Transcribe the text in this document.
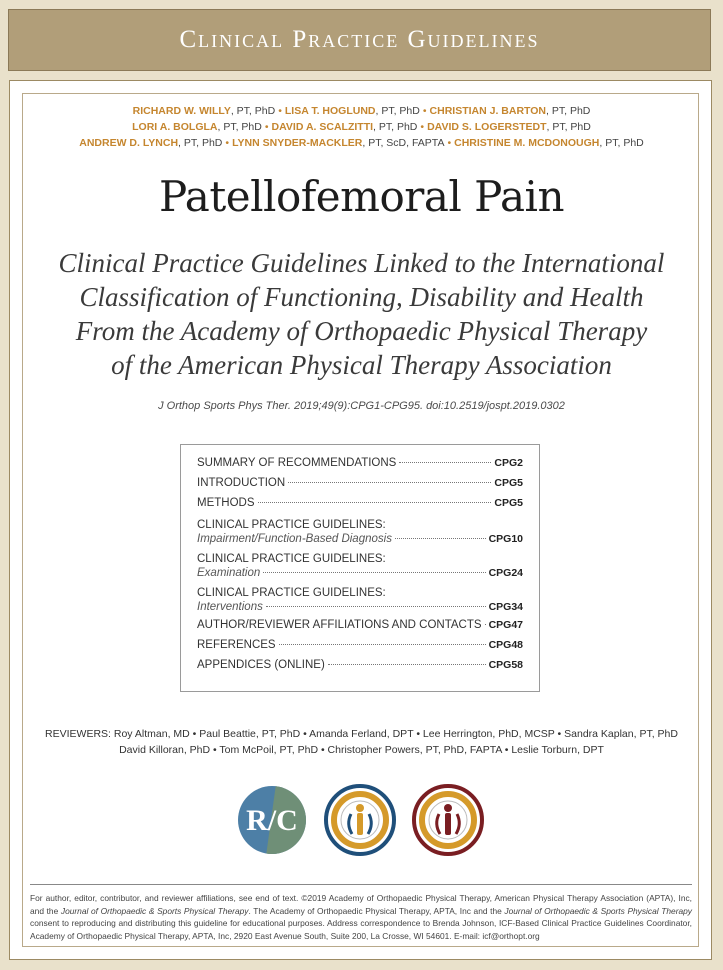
Clinical Practice Guidelines
RICHARD W. WILLY, PT, PhD • LISA T. HOGLUND, PT, PhD • CHRISTIAN J. BARTON, PT, PhD
LORI A. BOLGLA, PT, PhD • DAVID A. SCALZITTI, PT, PhD • DAVID S. LOGERSTEDT, PT, PhD
ANDREW D. LYNCH, PT, PhD • LYNN SNYDER-MACKLER, PT, ScD, FAPTA • CHRISTINE M. MCDONOUGH, PT, PhD
Patellofemoral Pain
Clinical Practice Guidelines Linked to the International
Classification of Functioning, Disability and Health
From the Academy of Orthopaedic Physical Therapy
of the American Physical Therapy Association
J Orthop Sports Phys Ther. 2019;49(9):CPG1-CPG95. doi:10.2519/jospt.2019.0302
SUMMARY OF RECOMMENDATIONS	CPG2
INTRODUCTION	CPG5
METHODS	CPG5
CLINICAL PRACTICE GUIDELINES:
Impairment/Function-Based Diagnosis	CPG10
CLINICAL PRACTICE GUIDELINES:
Examination	CPG24
CLINICAL PRACTICE GUIDELINES:
Interventions	CPG34
AUTHOR/REVIEWER AFFILIATIONS AND CONTACTS CPG47
REFERENCES	CPG48
APPENDICES (ONLINE)	CPG58
REVIEWERS: Roy Altman, MD • Paul Beattie, PT, PhD • Amanda Ferland, DPT • Lee Herrington, PhD, MCSP • Sandra Kaplan, PT, PhD
David Killoran, PhD • Tom McPoil, PT, PhD • Christopher Powers, PT, PhD, FAPTA • Leslie Torburn, DPT
R/C
For author, editor, contributor, and reviewer affiliations, see end of text. ©2019 Academy of Orthopaedic Physical Therapy, American Physical Therapy Association (APTA), Inc, and the Journal of Orthopaedic & Sports Physical Therapy. The Academy of Orthopaedic Physical Therapy, APTA, Inc and the Journal of Orthopaedic & Sports Physical Therapy consent to reproducing and distributing this guideline for educational purposes. Address correspondence to Brenda Johnson, ICF-Based Clinical Practice Guidelines Coordinator, Academy of Orthopaedic Physical Therapy, APTA, Inc, 2920 East Avenue South, Suite 200, La Crosse, WI 54601. E-mail: icf@orthopt.org
